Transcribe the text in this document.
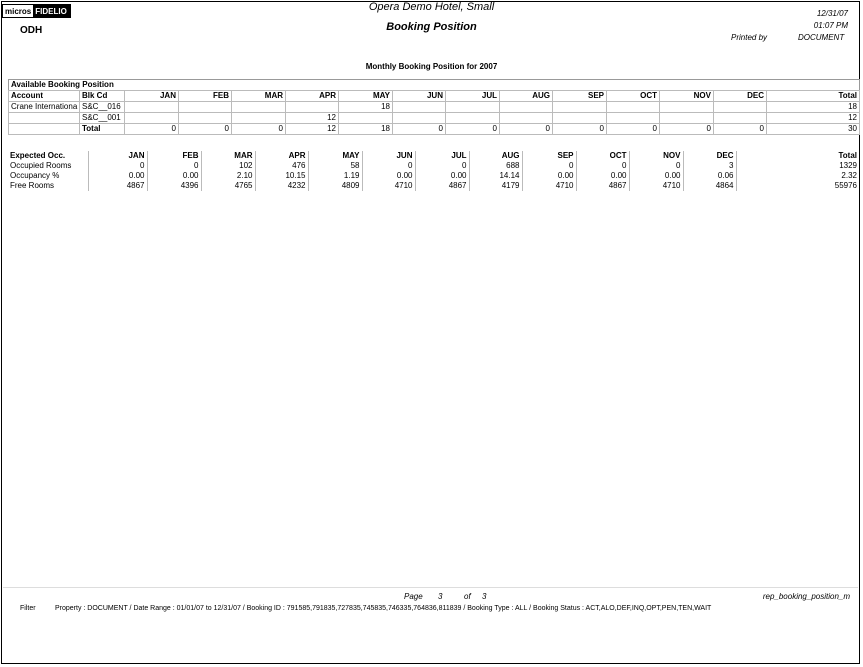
micros FIDELIO
ODH
Opera Demo Hotel, Small
Booking Position
12/31/07
01:07 PM
Printed by	DOCUMENT
Monthly Booking Position for 2007
Available Booking Position														
Account	Blk Cd	JAN	FEB	MAR	APR	MAY	JUN	JUL	AUG	SEP	OCT	NOV	DEC	Total
Crane Internationa	S&C__016					18								18
	S&C__001				12									12
	Total	0	0	0	12	18	0	0	0	0	0	0	0	30
Expected Occ.	JAN	FEB	MAR	APR	MAY	JUN	JUL	AUG	SEP	OCT	NOV	DEC	Total
Occupied Rooms	0	0	102	476	58	0	0	688	0	0	0	3	1329
Occupancy %	0.00	0.00	2.10	10.15	1.19	0.00	0.00	14.14	0.00	0.00	0.00	0.06	2.32
Free Rooms	4867	4396	4765	4232	4809	4710	4867	4179	4710	4867	4710	4864	55976
Page 3	of 3	rep_booking_position_m
Filter	Property : DOCUMENT / Date Range : 01/01/07 to 12/31/07 / Booking ID : 791585,791835,727835,745835,746335,764836,811839 / Booking Type : ALL / Booking Status : ACT,ALO,DEF,INQ,OPT,PEN,TEN,WAIT
